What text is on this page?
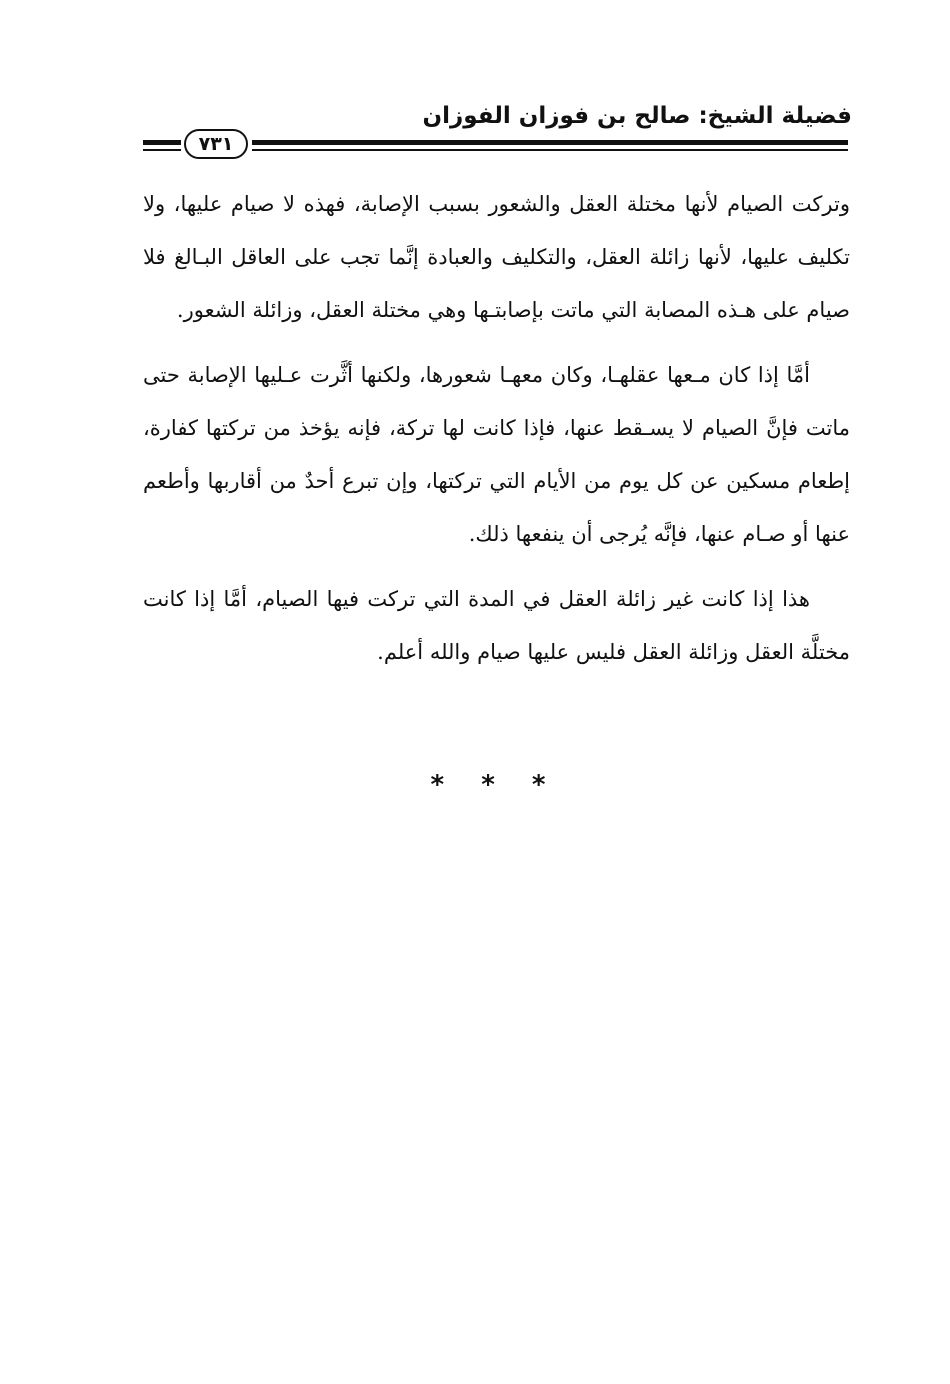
فضيلة الشيخ: صالح بن فوزان الفوزان
٧٣١

وتركت الصيام لأنها مختلة العقل والشعور بسبب الإصابة، فهذه لا صيام عليها، ولا تكليف عليها، لأنها زائلة العقل، والتكليف والعبادة إنَّما تجب على العاقل البـالغ فلا صيام على هـذه المصابة التي ماتت بإصابتـها وهي مختلة العقل، وزائلة الشعور.

أمَّا إذا كان مـعها عقلهـا، وكان معهـا شعورها، ولكنها أثَّرت عـليها الإصابة حتى ماتت فإنَّ الصيام لا يسـقط عنها، فإذا كانت لها تركة، فإنه يؤخذ من تركتها كفارة، إطعام مسكين عن كل يوم من الأيام التي تركتها، وإن تبرع أحدٌ من أقاربها وأطعم عنها أو صـام عنها، فإنَّه يُرجى أن ينفعها ذلك.

هذا إذا كانت غير زائلة العقل في المدة التي تركت فيها الصيام، أمَّا إذا كانت مختلَّة العقل وزائلة العقل فليس عليها صيام والله أعلم.

* * *
